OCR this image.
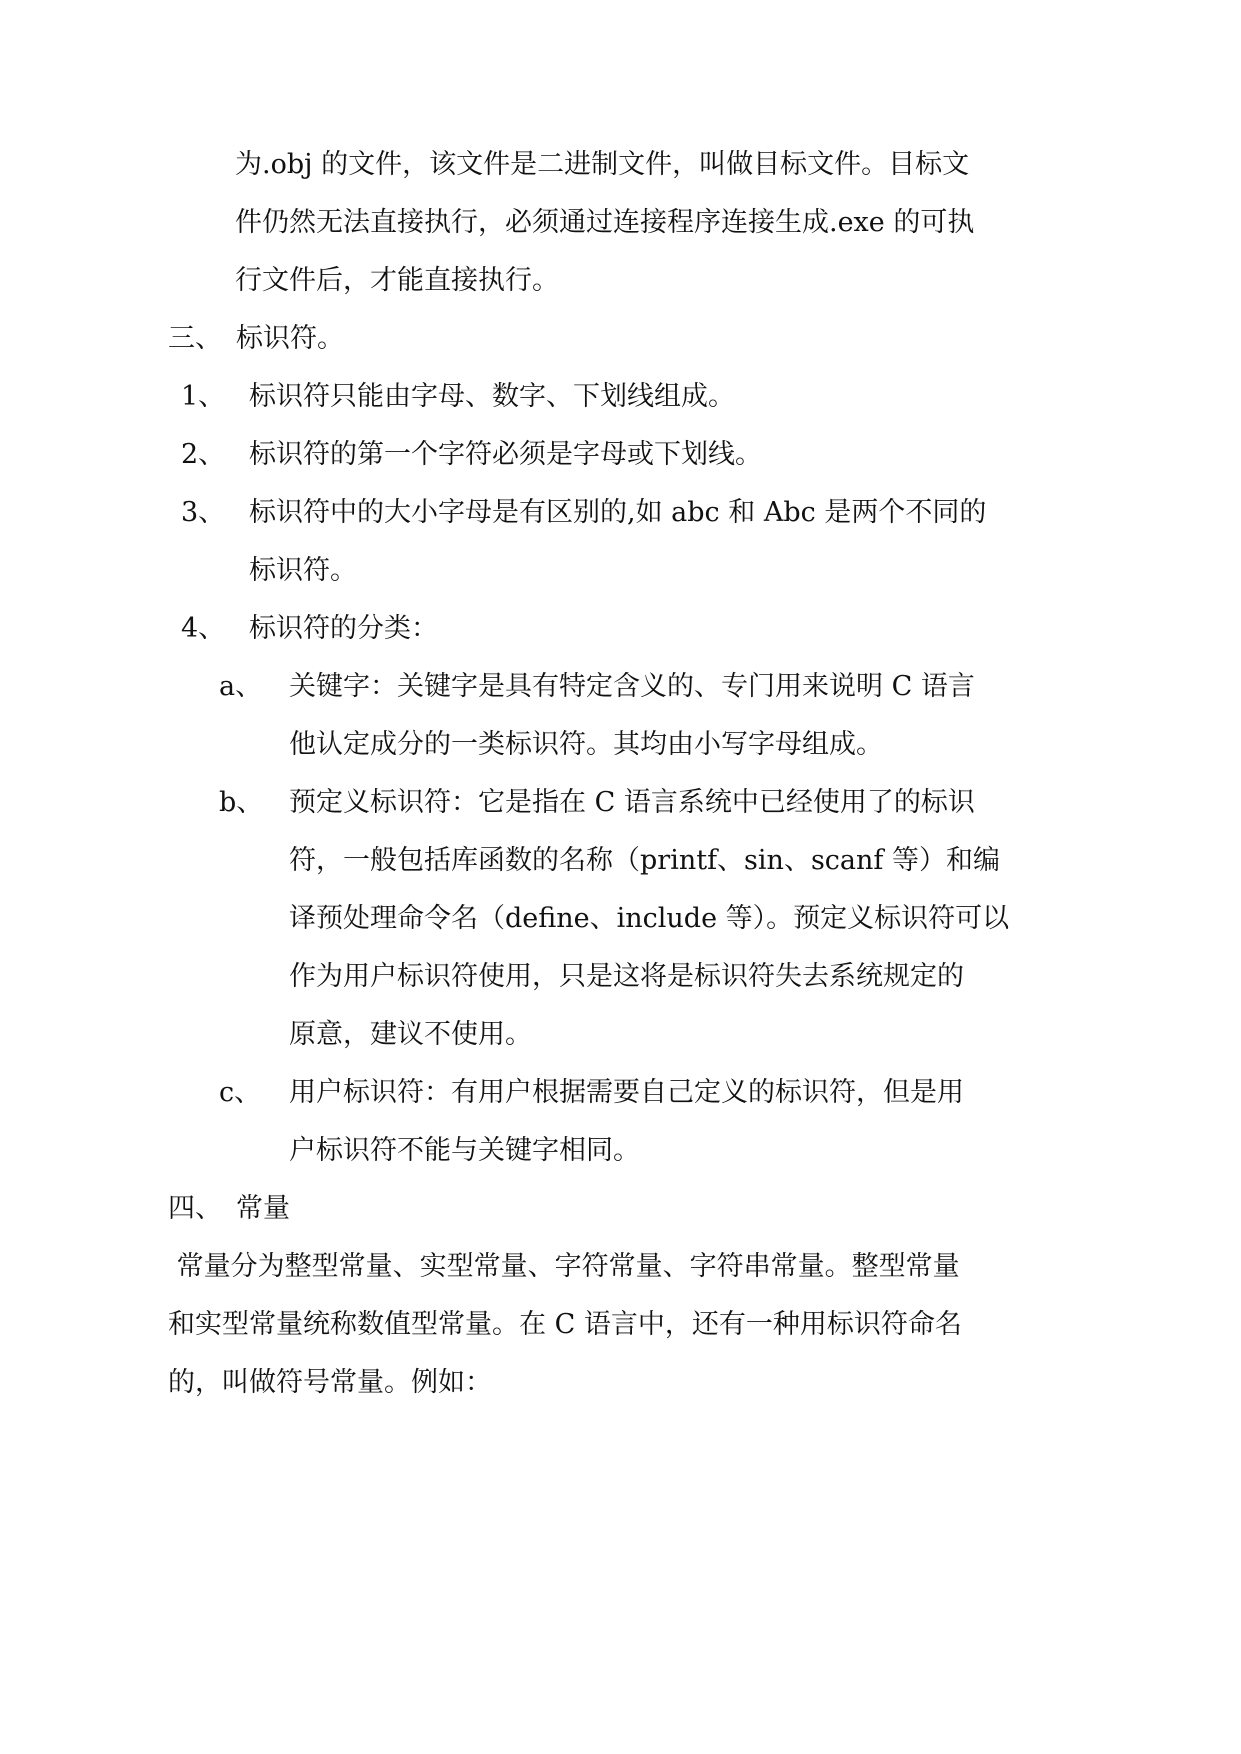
为.obj 的文件，该文件是二进制文件，叫做目标文件。目标文
件仍然无法直接执行，必须通过连接程序连接生成.exe 的可执
行文件后，才能直接执行。
三、 标识符。
1、 标识符只能由字母、数字、下划线组成。
2、 标识符的第一个字符必须是字母或下划线。
3、 标识符中的大小字母是有区别的,如 abc 和 Abc 是两个不同的
标识符。
4、 标识符的分类：
a、 关键字：关键字是具有特定含义的、专门用来说明 C 语言
他认定成分的一类标识符。其均由小写字母组成。
b、 预定义标识符：它是指在 C 语言系统中已经使用了的标识
符，一般包括库函数的名称（printf、sin、scanf 等）和编
译预处理命令名（define、include 等）。预定义标识符可以
作为用户标识符使用，只是这将是标识符失去系统规定的
原意，建议不使用。
c、 用户标识符：有用户根据需要自己定义的标识符，但是用
户标识符不能与关键字相同。
四、 常量
常量分为整型常量、实型常量、字符常量、字符串常量。整型常量
和实型常量统称数值型常量。在 C 语言中，还有一种用标识符命名
的，叫做符号常量。例如：
